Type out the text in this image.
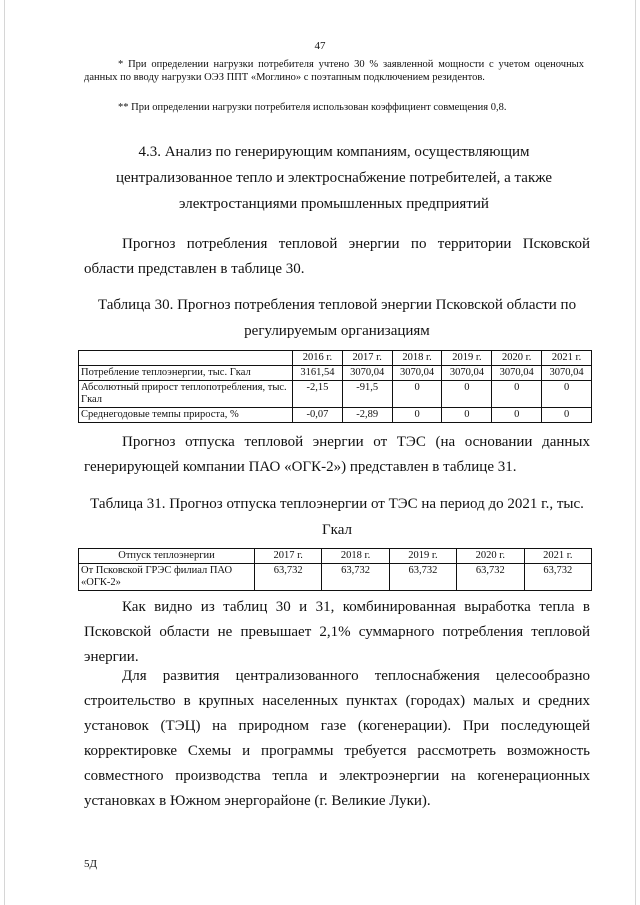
47
* При определении нагрузки потребителя учтено 30 % заявленной мощности с учетом оценочных данных по вводу нагрузки ОЭЗ ППТ «Моглино» с поэтапным подключением резидентов.
** При определении нагрузки потребителя использован коэффициент совмещения 0,8.
4.3. Анализ по генерирующим компаниям, осуществляющим централизованное тепло и электроснабжение потребителей, а также электростанциями промышленных предприятий
Прогноз потребления тепловой энергии по территории Псковской области представлен в таблице 30.
Таблица 30. Прогноз потребления тепловой энергии Псковской области по регулируемым организациям
	2016 г.	2017 г.	2018 г.	2019 г.	2020 г.	2021 г.
Потребление теплоэнергии, тыс. Гкал	3161,54	3070,04	3070,04	3070,04	3070,04	3070,04
Абсолютный прирост теплопотребления, тыс. Гкал	-2,15	-91,5	0	0	0	0
Среднегодовые темпы прироста, %	-0,07	-2,89	0	0	0	0
Прогноз отпуска тепловой энергии от ТЭС (на основании данных генерирующей компании ПАО «ОГК-2») представлен в таблице 31.
Таблица 31. Прогноз отпуска теплоэнергии от ТЭС на период до 2021 г., тыс. Гкал
Отпуск теплоэнергии	2017 г.	2018 г.	2019 г.	2020 г.	2021 г.
От Псковской ГРЭС филиал ПАО «ОГК-2»	63,732	63,732	63,732	63,732	63,732
Как видно из таблиц 30 и 31, комбинированная выработка тепла в Псковской области не превышает 2,1% суммарного потребления тепловой энергии.
Для развития централизованного теплоснабжения целесообразно строительство в крупных населенных пунктах (городах) малых и средних установок (ТЭЦ) на природном газе (когенерации). При последующей корректировке Схемы и программы требуется рассмотреть возможность совместного производства тепла и электроэнергии на когенерационных установках в Южном энергорайоне (г. Великие Луки).
5Д
